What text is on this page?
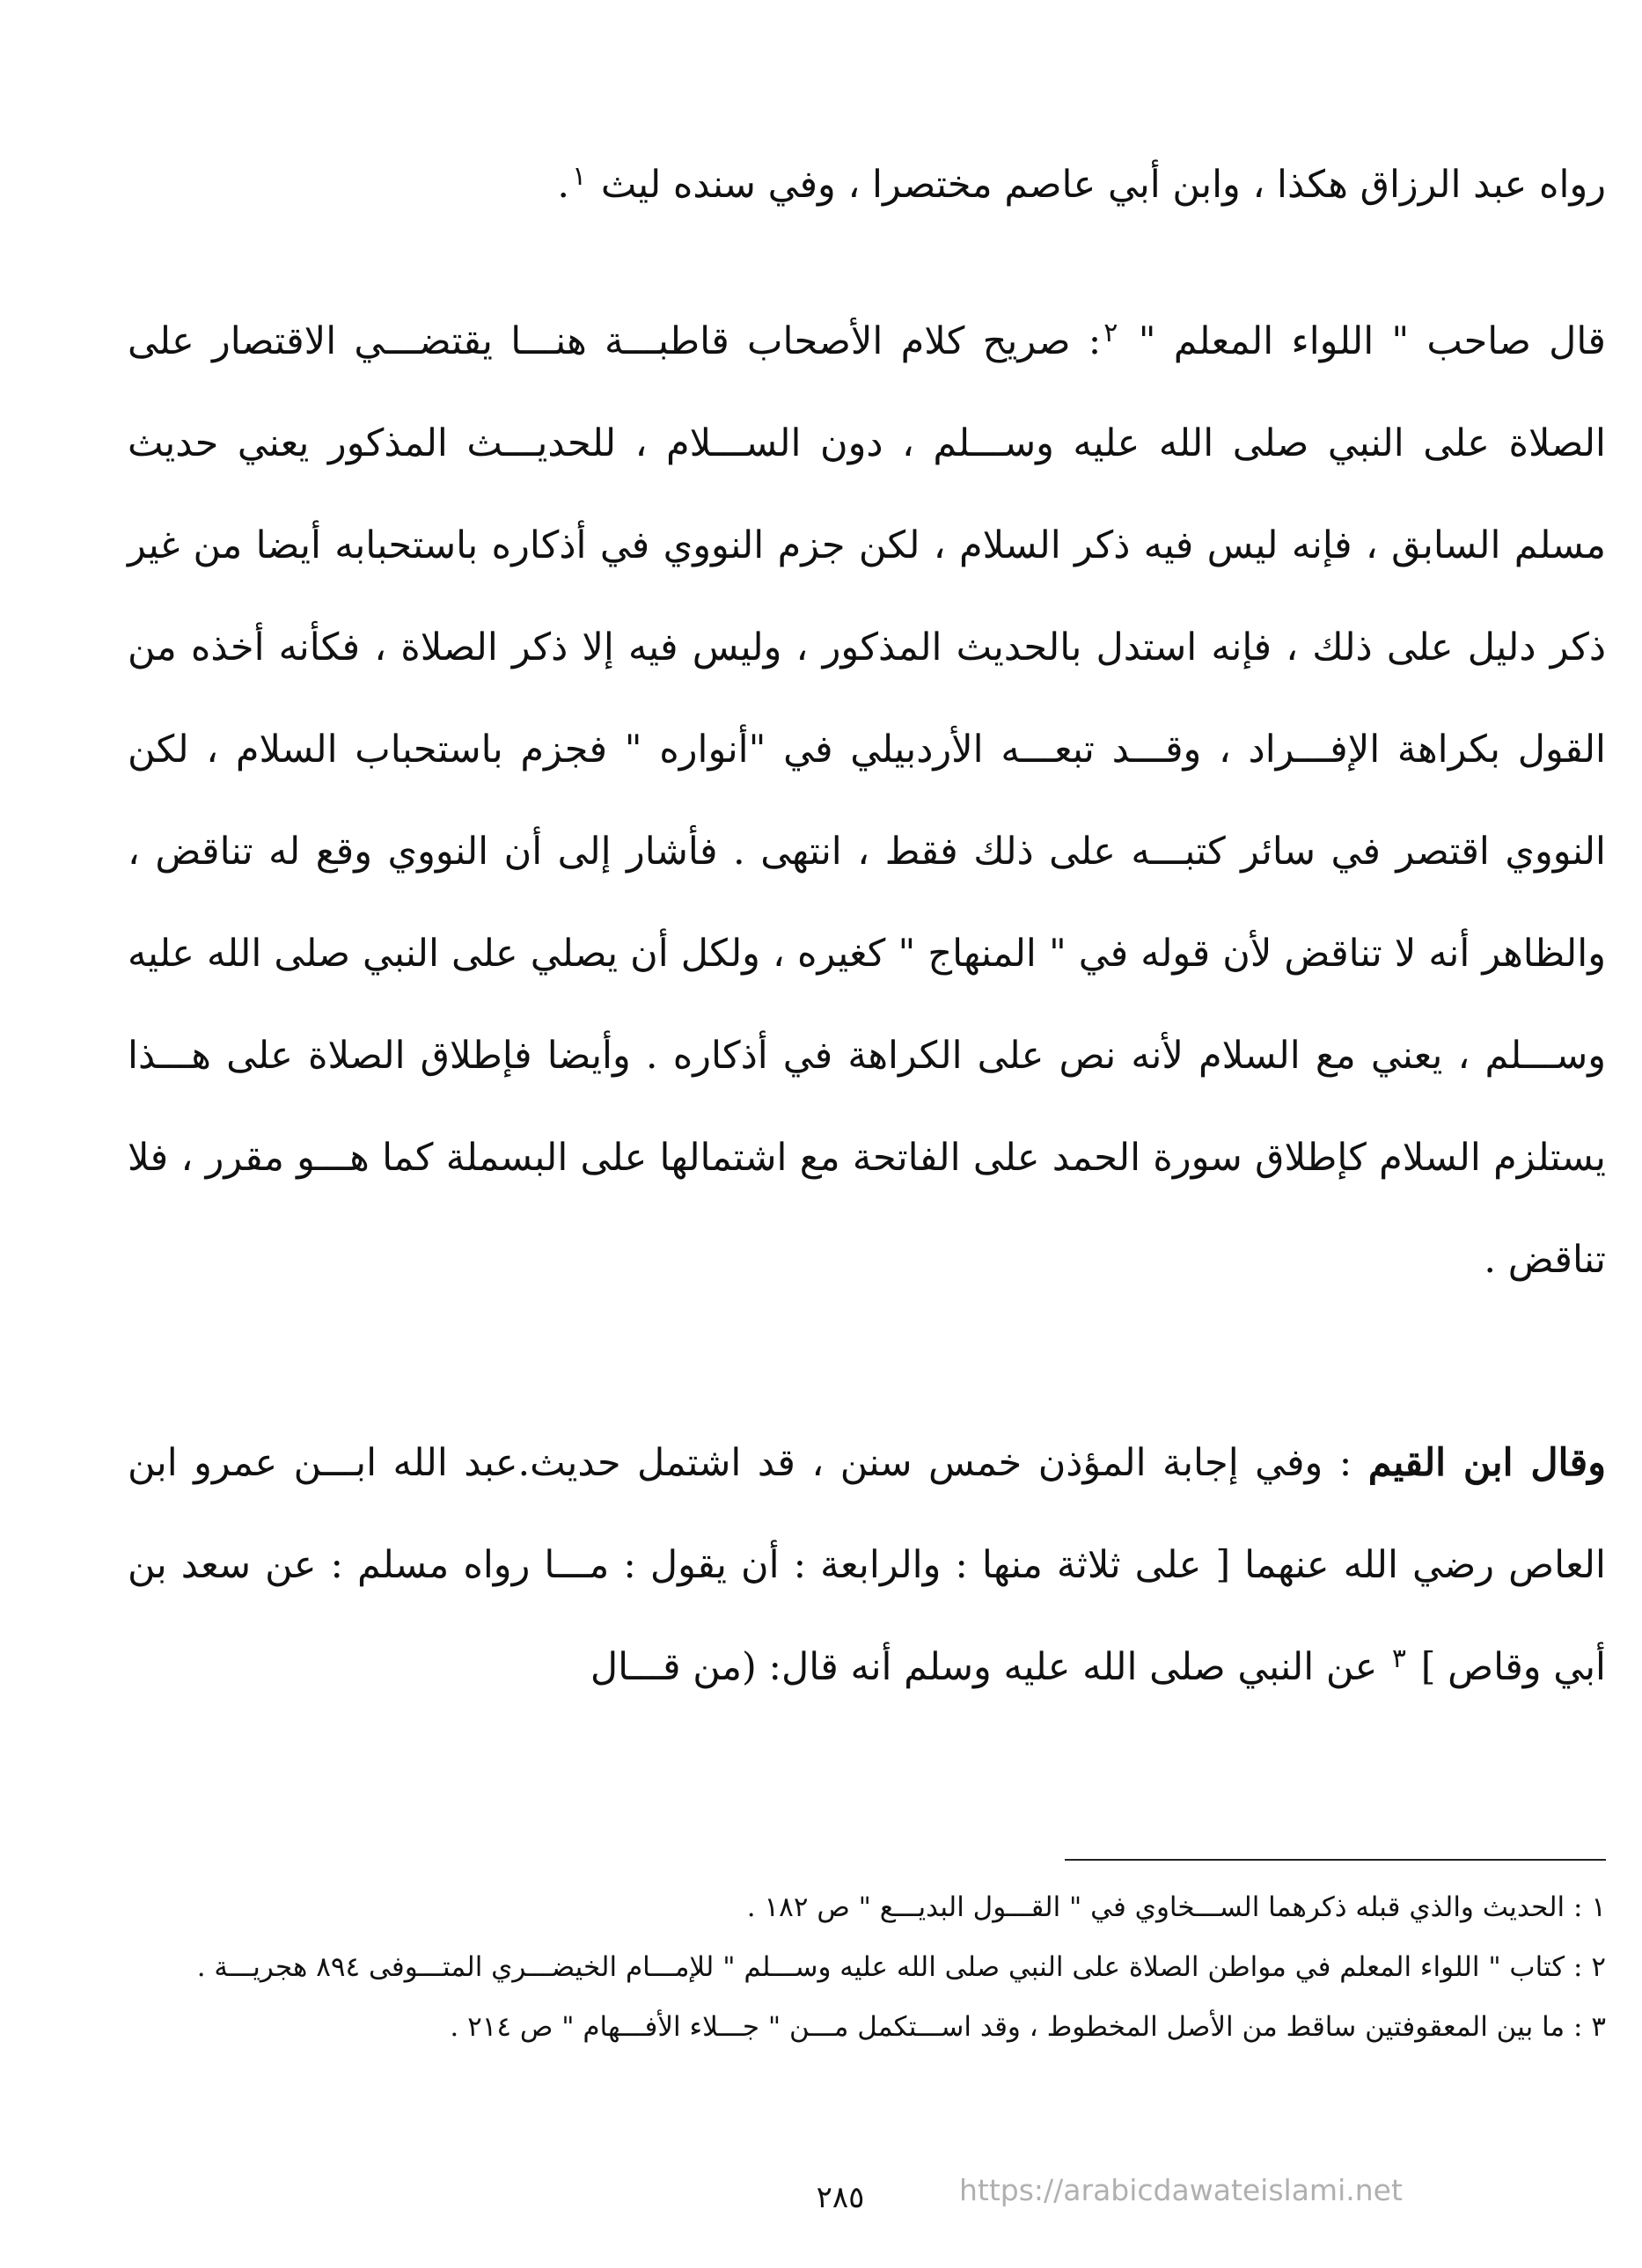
رواه عبد الرزاق هكذا ، وابن أبي عاصم مختصرا ، وفي سنده ليث $^١$.

قال صاحب " اللواء المعلم " $^٢$: صريح كلام الأصحاب قاطبـــة هنـــا يقتضـــي الاقتصار على الصلاة على النبي صلى الله عليه وســـلم ، دون الســـلام ، للحديـــث المذكور يعني حديث مسلم السابق ، فإنه ليس فيه ذكر السلام ، لكن جزم النووي في أذكاره باستحبابه أيضا من غير ذكر دليل على ذلك ، فإنه استدل بالحديث المذكور ، وليس فيه إلا ذكر الصلاة ، فكأنه أخذه من القول بكراهة الإفـــراد ، وقـــد تبعـــه الأردبيلي في "أنواره " فجزم باستحباب السلام ، لكن النووي اقتصر في سائر كتبـــه على ذلك فقط ، انتهى . فأشار إلى أن النووي وقع له تناقض ، والظاهر أنه لا تناقض لأن قوله في " المنهاج " كغيره ، ولكل أن يصلي على النبي صلى الله عليه وســـلم ، يعني مع السلام لأنه نص على الكراهة في أذكاره . وأيضا فإطلاق الصلاة على هـــذا يستلزم السلام كإطلاق سورة الحمد على الفاتحة مع اشتمالها على البسملة كما هـــو مقرر ، فلا تناقض .

وقال ابن القيم : وفي إجابة المؤذن خمس سنن ، قد اشتمل حديث.عبد الله ابـــن عمرو ابن العاص رضي الله عنهما [ على ثلاثة منها : والرابعة : أن يقول : مـــا رواه مسلم : عن سعد بن أبي وقاص ] $^٣$ عن النبي صلى الله عليه وسلم أنه قال: (من قـــال

١ : الحديث والذي قبله ذكرهما الســـخاوي في " القـــول البديـــع " ص ١٨٢ .

٢ : كتاب " اللواء المعلم في مواطن الصلاة على النبي صلى الله عليه وســـلم " للإمـــام الخيضـــري المتـــوفى ٨٩٤ هجريـــة .

٣ : ما بين المعقوفتين ساقط من الأصل المخطوط ، وقد اســـتكمل مـــن " جـــلاء الأفـــهام " ص ٢١٤ .

٢٨٥	https://arabicdawateislami.net
